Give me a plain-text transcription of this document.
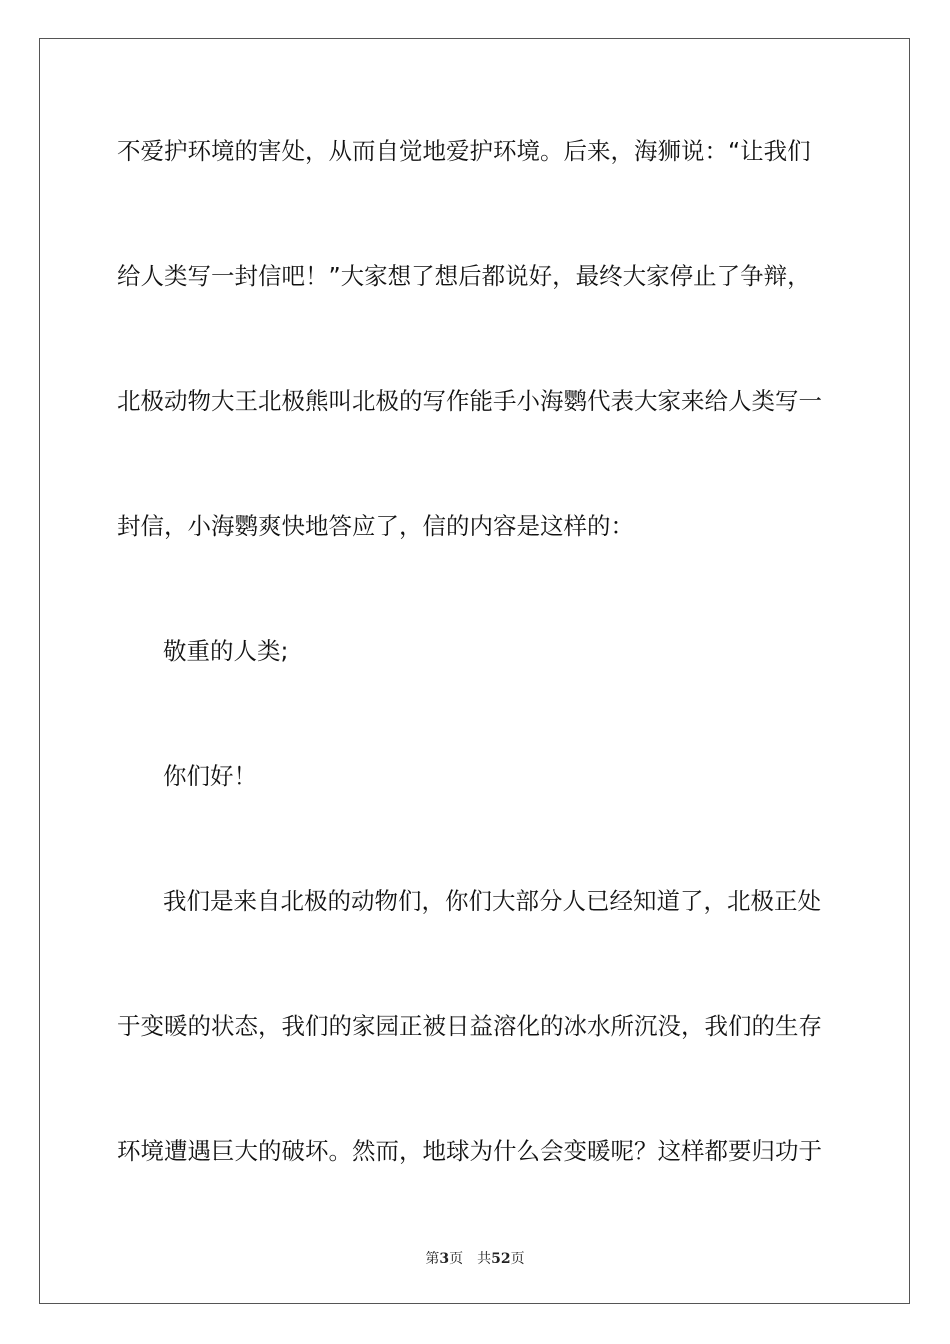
不爱护环境的害处，从而自觉地爱护环境。后来，海狮说：“让我们
给人类写一封信吧！”大家想了想后都说好，最终大家停止了争辩，
北极动物大王北极熊叫北极的写作能手小海鹦代表大家来给人类写一
封信，小海鹦爽快地答应了，信的内容是这样的：
敬重的人类;
你们好！
我们是来自北极的动物们，你们大部分人已经知道了，北极正处
于变暖的状态，我们的家园正被日益溶化的冰水所沉没，我们的生存
环境遭遇巨大的破坏。然而，地球为什么会变暖呢？这样都要归功于
第3页 共52页
